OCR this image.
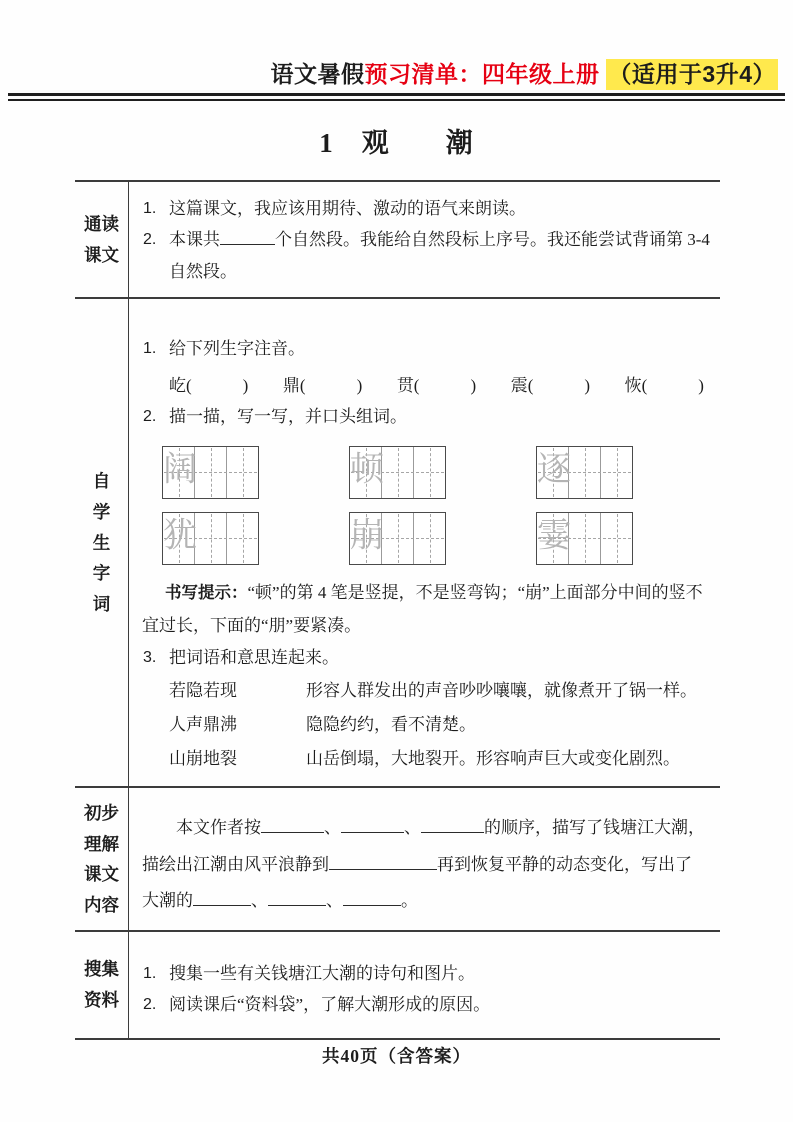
语文暑假预习清单：四年级上册 （适用于3升4）
1　观　　潮
通读
课文
1. 这篇课文，我应该用期待、激动的语气来朗读。
2. 本课共	个自然段。我能给自然段标上序号。我还能尝试背诵第 3-4 自然段。
自
学
生
字
词
1. 给下列生字注音。
屹(　　　) 鼎(　　　) 贯(　　　) 震(　　　) 恢(　　　)
2. 描一描，写一写，并口头组词。
阔	顿	逐
犹	崩	霎
书写提示：“顿”的第 4 笔是竖提，不是竖弯钩；“崩”上面部分中间的竖不宜过长，下面的“朋”要紧凑。
3. 把词语和意思连起来。
若隐若现	形容人群发出的声音吵吵嚷嚷，就像煮开了锅一样。
人声鼎沸	隐隐约约，看不清楚。
山崩地裂	山岳倒塌，大地裂开。形容响声巨大或变化剧烈。
初步
理解
课文
内容
本文作者按	、	、	的顺序，描写了钱塘江大潮，描绘出江潮由风平浪静到	再到恢复平静的动态变化，写出了大潮的	、	、	。
搜集
资料
1. 搜集一些有关钱塘江大潮的诗句和图片。
2. 阅读课后“资料袋”，了解大潮形成的原因。
共40页（含答案）
